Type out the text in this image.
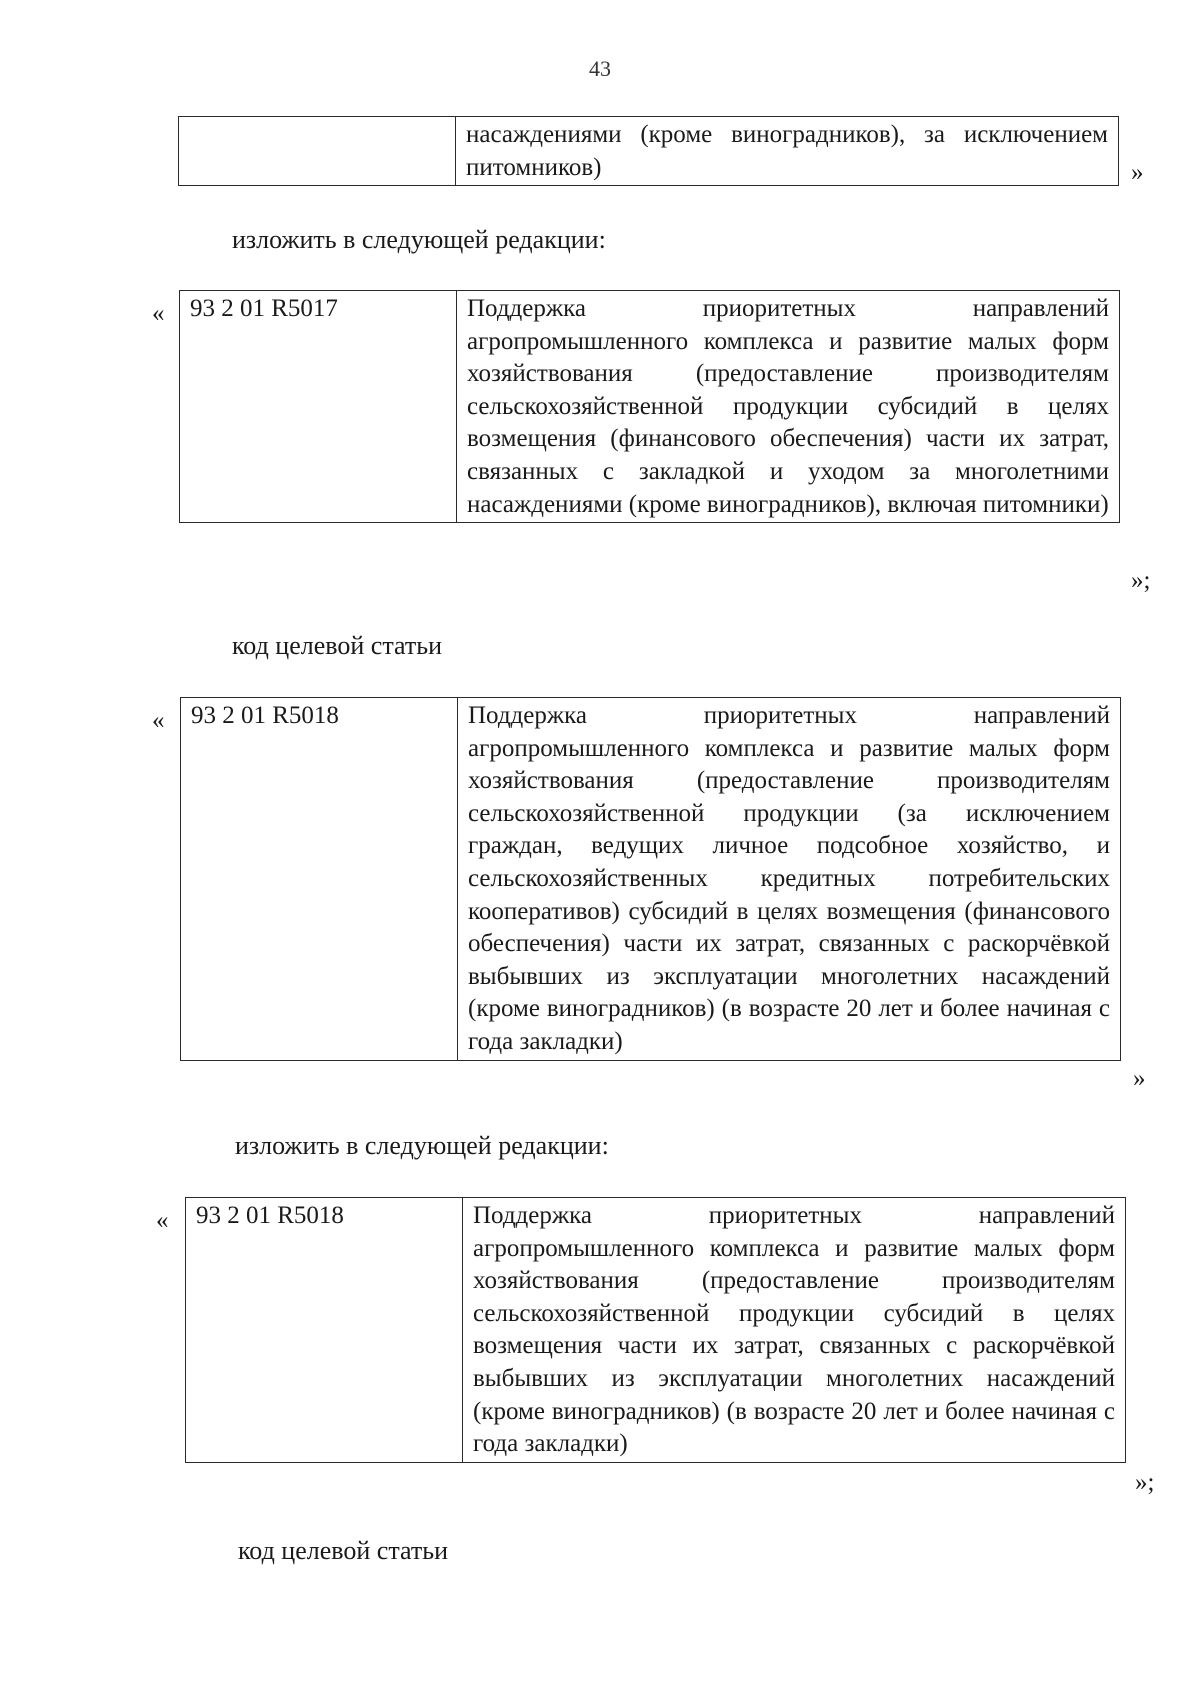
43
	насаждениями (кроме виноградников), за исключением питомников)	»
изложить в следующей редакции:
« 93 2 01 R5017	Поддержка приоритетных направлений агропромышленного комплекса и развитие малых форм хозяйствования (предоставление производителям сельскохозяйственной продукции субсидий в целях возмещения (финансового обеспечения) части их затрат, связанных с закладкой и уходом за многолетними насаждениями (кроме виноградников), включая питомники)
»;
код целевой статьи
« 93 2 01 R5018	Поддержка приоритетных направлений агропромышленного комплекса и развитие малых форм хозяйствования (предоставление производителям сельскохозяйственной продукции (за исключением граждан, ведущих личное подсобное хозяйство, и сельскохозяйственных кредитных потребительских кооперативов) субсидий в целях возмещения (финансового обеспечения) части их затрат, связанных с раскорчёвкой выбывших из эксплуатации многолетних насаждений (кроме виноградников) (в возрасте 20 лет и более начиная с года закладки)
»
изложить в следующей редакции:
« 93 2 01 R5018	Поддержка приоритетных направлений агропромышленного комплекса и развитие малых форм хозяйствования (предоставление производителям сельскохозяйственной продукции субсидий в целях возмещения части их затрат, связанных с раскорчёвкой выбывших из эксплуатации многолетних насаждений (кроме виноградников) (в возрасте 20 лет и более начиная с года закладки)
»;
код целевой статьи
